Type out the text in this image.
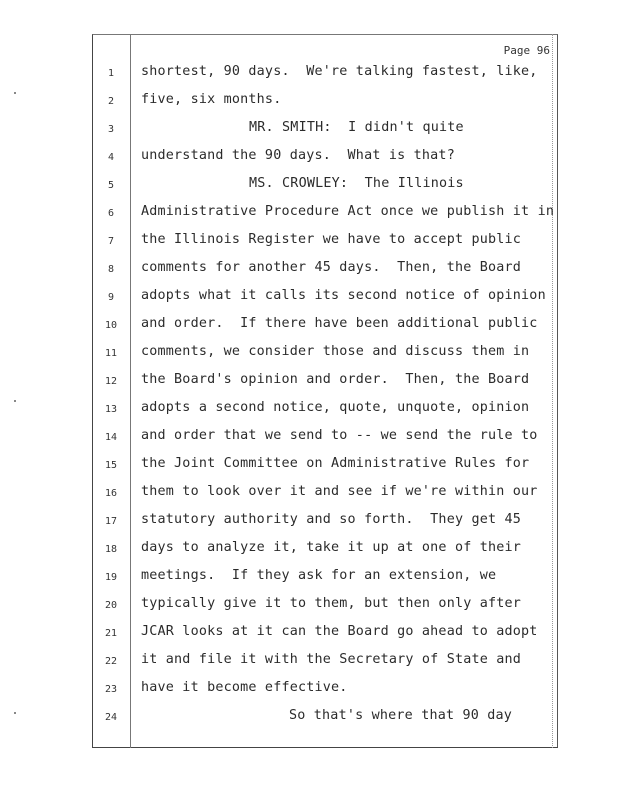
Page 96
1	shortest, 90 days.  We're talking fastest, like,
2	five, six months.
3	MR. SMITH:  I didn't quite
4	understand the 90 days.  What is that?
5	MS. CROWLEY:  The Illinois
6	Administrative Procedure Act once we publish it in
7	the Illinois Register we have to accept public
8	comments for another 45 days.  Then, the Board
9	adopts what it calls its second notice of opinion
10	and order.  If there have been additional public
11	comments, we consider those and discuss them in
12	the Board's opinion and order.  Then, the Board
13	adopts a second notice, quote, unquote, opinion
14	and order that we send to -- we send the rule to
15	the Joint Committee on Administrative Rules for
16	them to look over it and see if we're within our
17	statutory authority and so forth.  They get 45
18	days to analyze it, take it up at one of their
19	meetings.  If they ask for an extension, we
20	typically give it to them, but then only after
21	JCAR looks at it can the Board go ahead to adopt
22	it and file it with the Secretary of State and
23	have it become effective.
24	So that's where that 90 day
